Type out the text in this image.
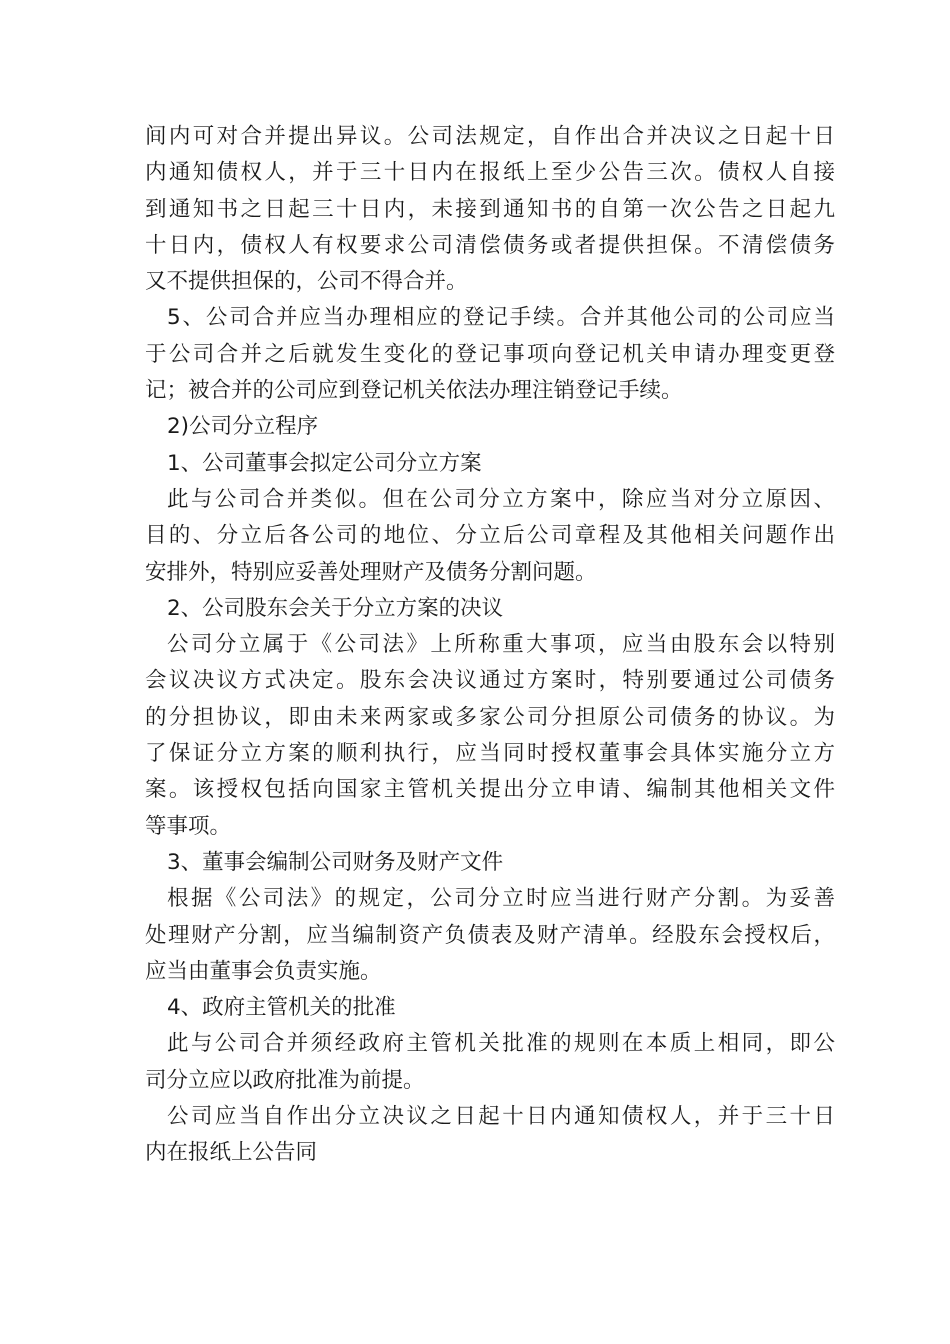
间内可对合并提出异议。公司法规定，自作出合并决议之日起十日
内通知债权人，并于三十日内在报纸上至少公告三次。债权人自接
到通知书之日起三十日内，未接到通知书的自第一次公告之日起九
十日内，债权人有权要求公司清偿债务或者提供担保。不清偿债务
又不提供担保的，公司不得合并。
5、公司合并应当办理相应的登记手续。合并其他公司的公司应当
于公司合并之后就发生变化的登记事项向登记机关申请办理变更登
记；被合并的公司应到登记机关依法办理注销登记手续。
2)公司分立程序
1、公司董事会拟定公司分立方案
此与公司合并类似。但在公司分立方案中，除应当对分立原因、
目的、分立后各公司的地位、分立后公司章程及其他相关问题作出
安排外，特别应妥善处理财产及债务分割问题。
2、公司股东会关于分立方案的决议
公司分立属于《公司法》上所称重大事项，应当由股东会以特别
会议决议方式决定。股东会决议通过方案时，特别要通过公司债务
的分担协议，即由未来两家或多家公司分担原公司债务的协议。为
了保证分立方案的顺利执行，应当同时授权董事会具体实施分立方
案。该授权包括向国家主管机关提出分立申请、编制其他相关文件
等事项。
3、董事会编制公司财务及财产文件
根据《公司法》的规定，公司分立时应当进行财产分割。为妥善
处理财产分割，应当编制资产负债表及财产清单。经股东会授权后，
应当由董事会负责实施。
4、政府主管机关的批准
此与公司合并须经政府主管机关批准的规则在本质上相同，即公
司分立应以政府批准为前提。
公司应当自作出分立决议之日起十日内通知债权人，并于三十日
内在报纸上公告同
